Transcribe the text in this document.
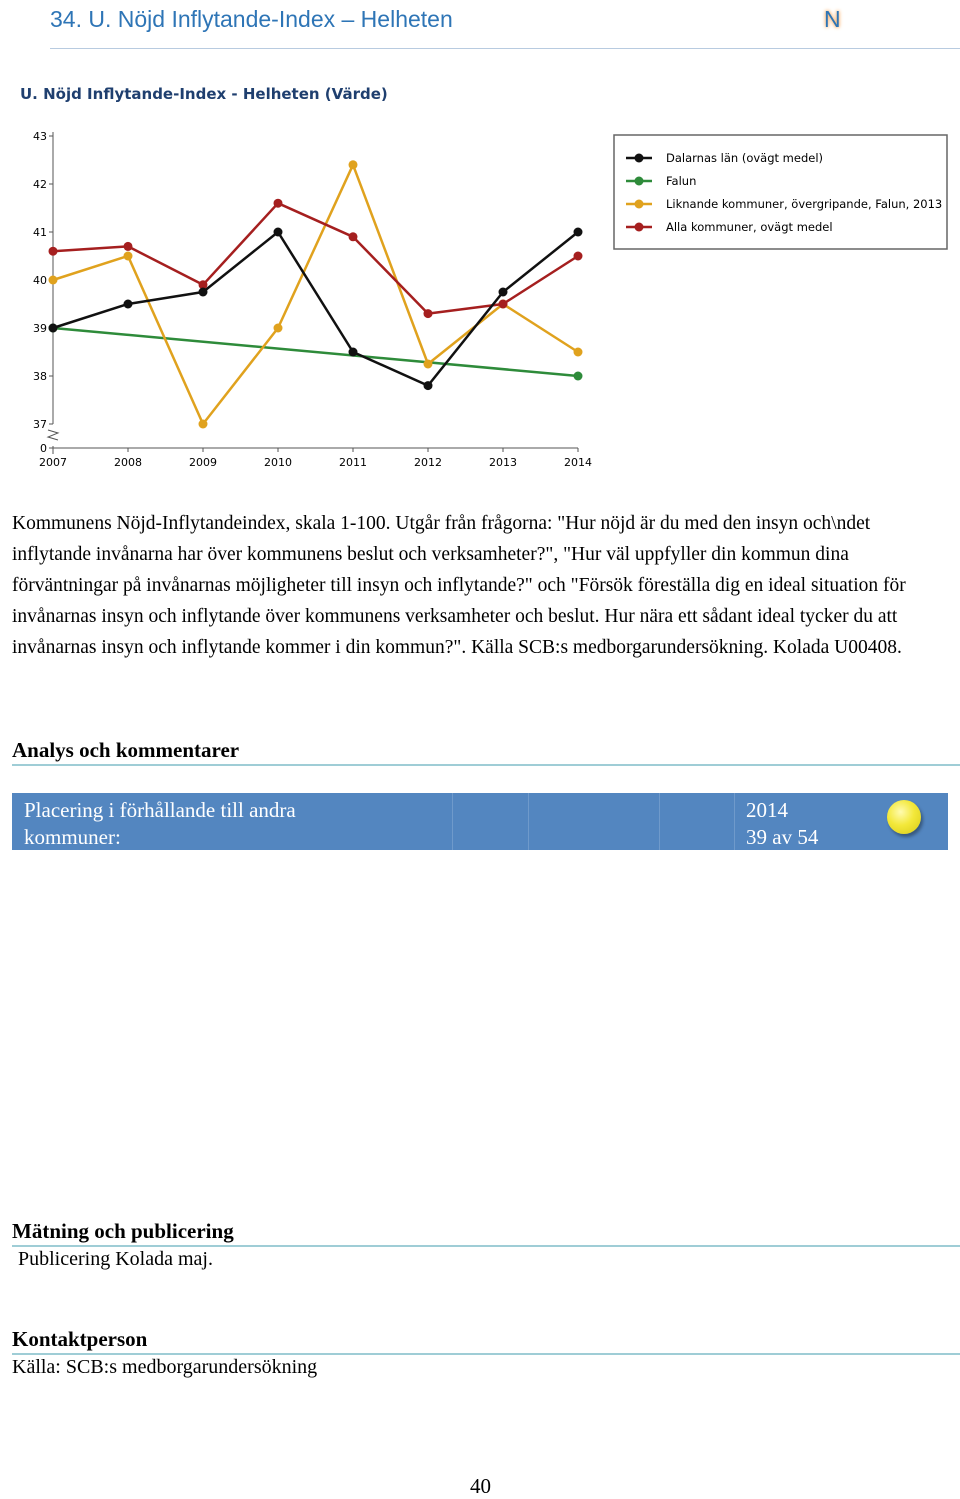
34. U. Nöjd Inflytande-Index – Helheten	N
U. Nöjd Inflytande-Index - Helheten (Värde)
43
42
41
40
39
38
37
0
2007	2008	2009	2010	2011	2012	2013	2014
Dalarnas län (ovägt medel)
Falun
Liknande kommuner, övergripande, Falun, 2013
Alla kommuner, ovägt medel

Kommunens Nöjd-Inflytandeindex, skala 1-100. Utgår från frågorna: "Hur nöjd är du med den insyn och\ndet inflytande invånarna har över kommunens beslut och verksamheter?", "Hur väl uppfyller din kommun dina förväntningar på invånarnas möjligheter till insyn och inflytande?" och "Försök föreställa dig en ideal situation för invånarnas insyn och inflytande över kommunens verksamheter och beslut. Hur nära ett sådant ideal tycker du att invånarnas insyn och inflytande kommer i din kommun?". Källa SCB:s medborgarundersökning. Kolada U00408.

Analys och kommentarer

Placering i förhållande till andra kommuner:

2014
39 av 54
Mätning och publicering
Publicering Kolada maj.
Kontaktperson
Källa: SCB:s medborgarundersökning
40
